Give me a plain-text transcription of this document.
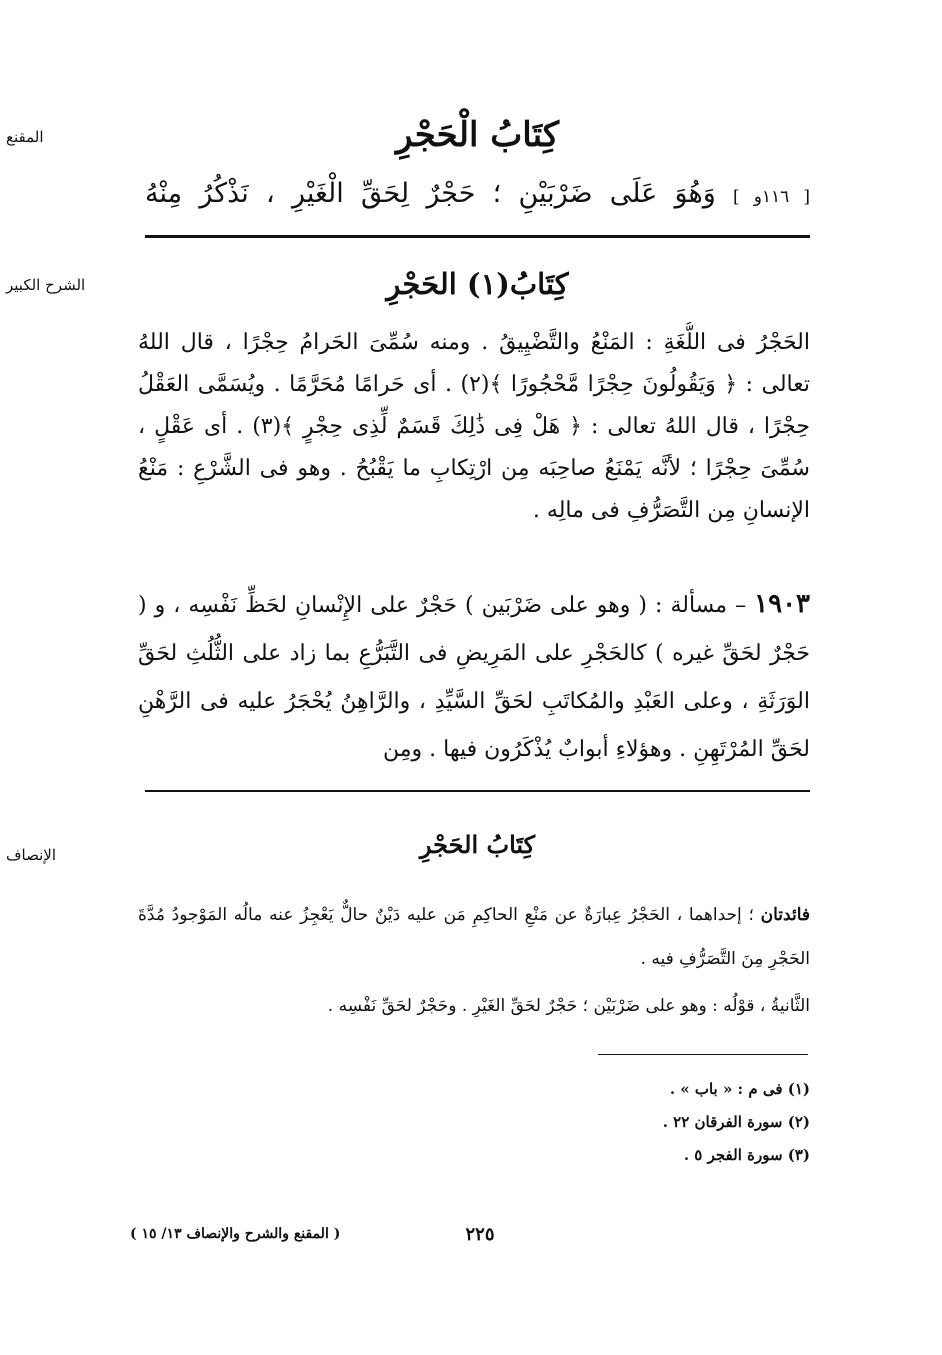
المقنع
الشرح الكبير
الإنصاف
كِتَابُ الْحَجْرِ
[ ١١٦و ] وَهُوَ عَلَى ضَرْبَيْنِ ؛ حَجْرٌ لِحَقِّ الْغَيْرِ ، نَذْكُرُ مِنْهُ
كِتَابُ(١) الحَجْرِ
الحَجْرُ فى اللُّغَةِ : المَنْعُ والتَّضْيِيقُ . ومنه سُمِّىَ الحَرامُ حِجْرًا ، قال اللهُ تعالى : ﴿ وَيَقُولُونَ حِجْرًا مَّحْجُورًا ﴾(٢) . أى حَرامًا مُحَرَّمًا . ويُسَمَّى العَقْلُ حِجْرًا ، قال اللهُ تعالى : ﴿ هَلْ فِى ذَٰلِكَ قَسَمٌ لِّذِى حِجْرٍ ﴾(٣) . أى عَقْلٍ ، سُمِّىَ حِجْرًا ؛ لأنَّه يَمْنَعُ صاحِبَه مِن ارْتِكابِ ما يَقْبُحُ . وهو فى الشَّرْعِ : مَنْعُ الإنسانِ مِن التَّصَرُّفِ فى مالِه .
١٩٠٣ – مسألة : ( وهو على ضَرْبَين ) حَجْرٌ على الإِنْسانِ لحَظِّ نَفْسِه ، و ( حَجْرٌ لحَقِّ غيره ) كالحَجْرِ على المَرِيضِ فى التَّبَرُّعِ بما زاد على الثُّلُثِ لحَقِّ الوَرَثَةِ ، وعلى العَبْدِ والمُكاتَبِ لحَقِّ السَّيِّدِ ، والرَّاهِنُ يُحْجَرُ عليه فى الرَّهْنِ لحَقِّ المُرْتَهِنِ . وهؤلاءِ أبوابٌ يُذْكَرُون فيها . ومِن
كِتَابُ الحَجْرِ
فائدتان ؛ إحداهما ، الحَجْرُ عِبارَةٌ عن مَنْعِ الحاكِمِ مَن عليه دَيْنٌ حالٌّ يَعْجِزُ عنه مالُه المَوْجودُ مُدَّةَ الحَجْرِ مِنَ التَّصَرُّفِ فيه .
الثَّانيةُ ، قوْلُه : وهو على ضَرْبَيْن ؛ حَجْرٌ لحَقِّ الغَيْرِ . وحَجْرٌ لحَقِّ نَفْسِه .
(١) فى م : « باب » .
(٢) سورة الفرقان ٢٢ .
(٣) سورة الفجر ٥ .
٢٢٥
( المقنع والشرح والإنصاف ١٣/ ١٥ )
